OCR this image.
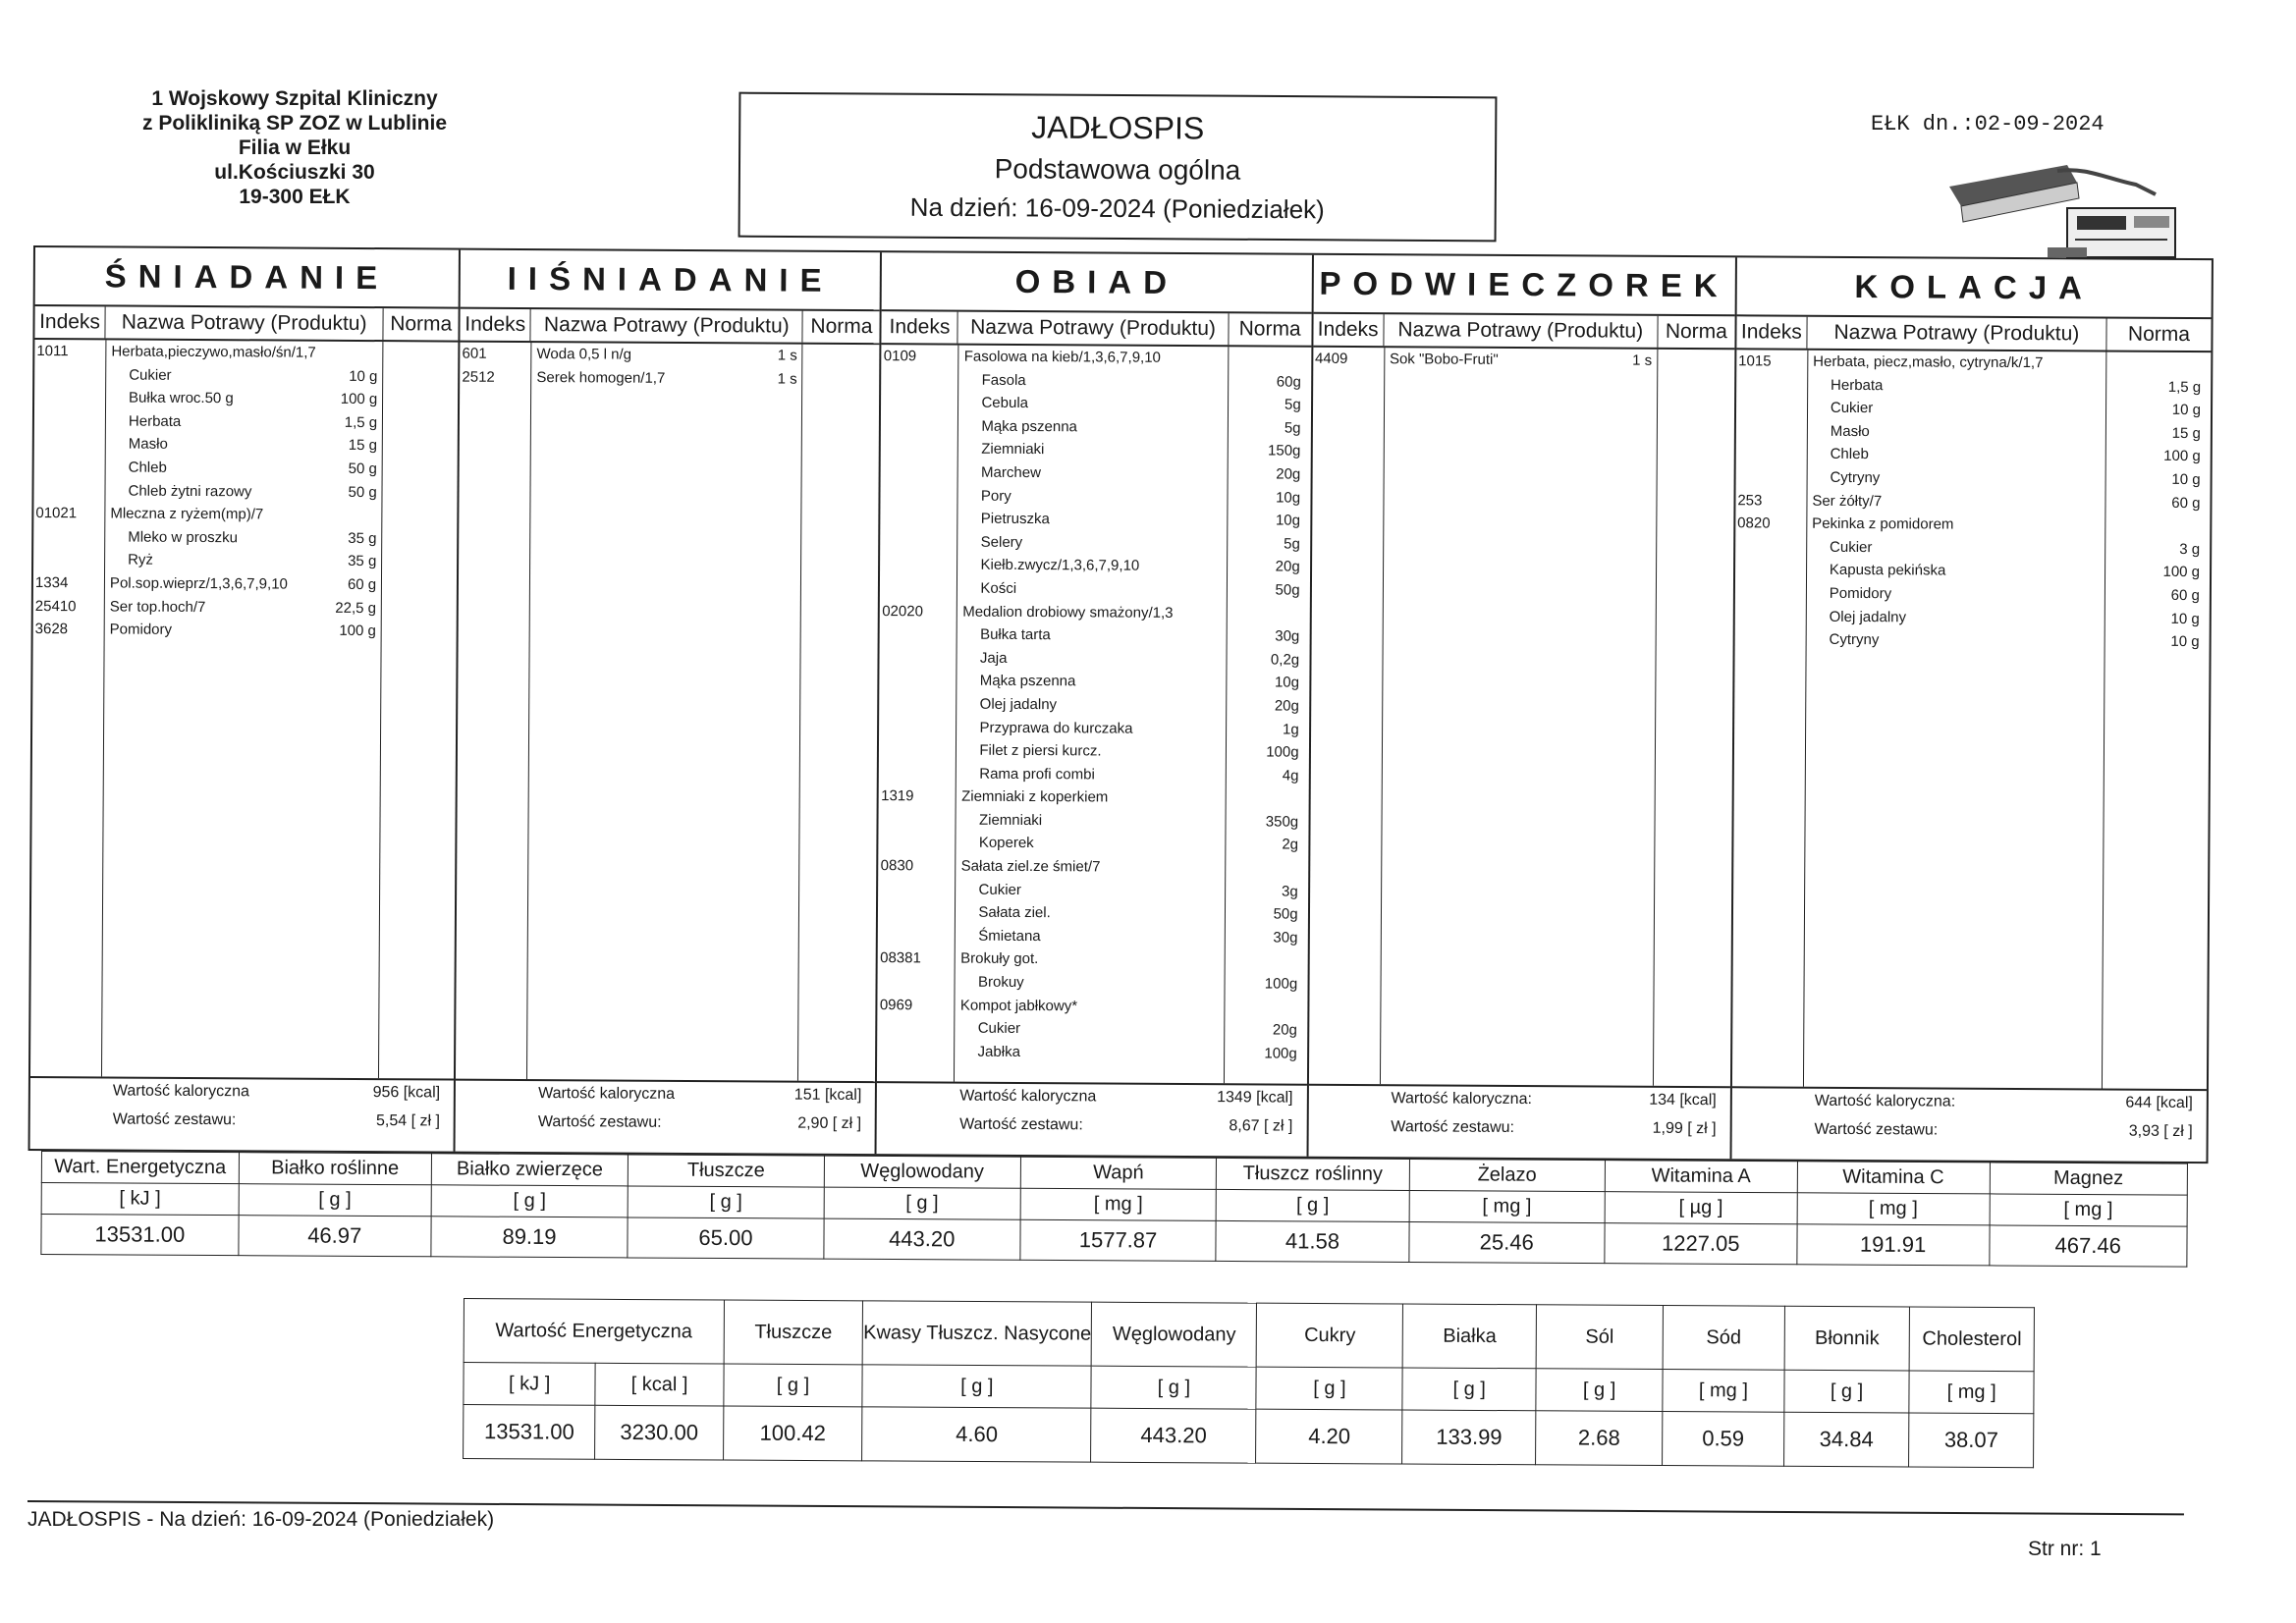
1 Wojskowy Szpital Kliniczny
z Polikliniką SP ZOZ w Lublinie
Filia w Ełku
ul.Kościuszki 30
19-300 EŁK
JADŁOSPIS
Podstawowa ogólna
Na dzień: 16-09-2024 (Poniedziałek)
EŁK dn.:02-09-2024
ŚNIADANIE
Indeks	Nazwa Potrawy (Produktu)	Norma
1011	Herbata,pieczywo,masło/śn/1,7
Cukier	10 g
Bułka wroc.50 g	100 g
Herbata	1,5 g
Masło	15 g
Chleb	50 g
Chleb żytni razowy	50 g
01021 Mleczna z ryżem(mp)/7
Mleko w proszku	35 g
Ryż	35 g
1334	Pol.sop.wieprz/1,3,6,7,9,10	60 g
25410 Ser top.hoch/7	22,5 g
3628	Pomidory	100 g
Wartość kaloryczna	956 [kcal]
Wartość zestawu:	5,54 [ zł ]
IIŚNIADANIE
Indeks Nazwa Potrawy (Produktu)	Norma
601	Woda 0,5 l n/g	1 s
2512	Serek homogen/1,7	1 s
Wartość kaloryczna	151 [kcal]
Wartość zestawu:	2,90 [ zł ]
OBIAD
Indeks Nazwa Potrawy (Produktu)	Norma
0109	Fasolowa na kieb/1,3,6,7,9,10
Fasola	60g
Cebula	5g
Mąka pszenna	5g
Ziemniaki	150g
Marchew	20g
Pory	10g
Pietruszka	10g
Selery	5g
Kiełb.zwycz/1,3,6,7,9,10	20g
Kości	50g
02020	Medalion drobiowy smażony/1,3
Bułka tarta	30g
Jaja	0,2g
Mąka pszenna	10g
Olej jadalny	20g
Przyprawa do kurczaka	1g
Filet z piersi kurcz.	100g
Rama profi combi	4g
1319	Ziemniaki z koperkiem
Ziemniaki	350g
Koperek	2g
0830	Sałata ziel.ze śmiet/7
Cukier	3g
Sałata ziel.	50g
Śmietana	30g
08381	Brokuły got.
Brokuy	100g
0969	Kompot jabłkowy*
Cukier	20g
Jabłka	100g
Wartość kaloryczna	1349 [kcal]
Wartość zestawu:	8,67 [ zł ]
PODWIECZOREK
Indeks Nazwa Potrawy (Produktu)	Norma
4409	Sok "Bobo-Fruti"	1 s
Wartość kaloryczna:	134 [kcal]
Wartość zestawu:	1,99 [ zł ]
KOLACJA
Indeks	Nazwa Potrawy (Produktu)	Norma
1015	Herbata, piecz,masło, cytryna/k/1,7
Herbata	1,5 g
Cukier	10 g
Masło	15 g
Chleb	100 g
Cytryny	10 g
253	Ser żółty/7	60 g
0820	Pekinka z pomidorem
Cukier	3 g
Kapusta pekińska	100 g
Pomidory	60 g
Olej jadalny	10 g
Cytryny	10 g
Wartość kaloryczna:	644 [kcal]
Wartość zestawu:	3,93 [ zł ]
Wart. Energetyczna	Białko roślinne	Białko zwierzęce	Tłuszcze	Węglowodany	Wapń	Tłuszcz roślinny	Żelazo	Witamina A	Witamina C	Magnez
[ kJ ]	[ g ]	[ g ]	[ g ]	[ g ]	[ mg ]	[ g ]	[ mg ]	[ µg ]	[ mg ]	[ mg ]
13531.00	46.97	89.19	65.00	443.20	1577.87	41.58	25.46	1227.05	191.91	467.46
Wartość Energetyczna		Tłuszcze	Kwasy Tłuszcz. Nasycone	Węglowodany	Cukry	Białka	Sól	Sód	Błonnik	Cholesterol
[ kJ ]	[ kcal ]	[ g ]	[ g ]	[ g ]	[ g ]	[ g ]	[ g ]	[ mg ]	[ g ]	[ mg ]
13531.00	3230.00	100.42	4.60	443.20	4.20	133.99	2.68	0.59	34.84	38.07
JADŁOSPIS - Na dzień: 16-09-2024 (Poniedziałek)
Str nr: 1
